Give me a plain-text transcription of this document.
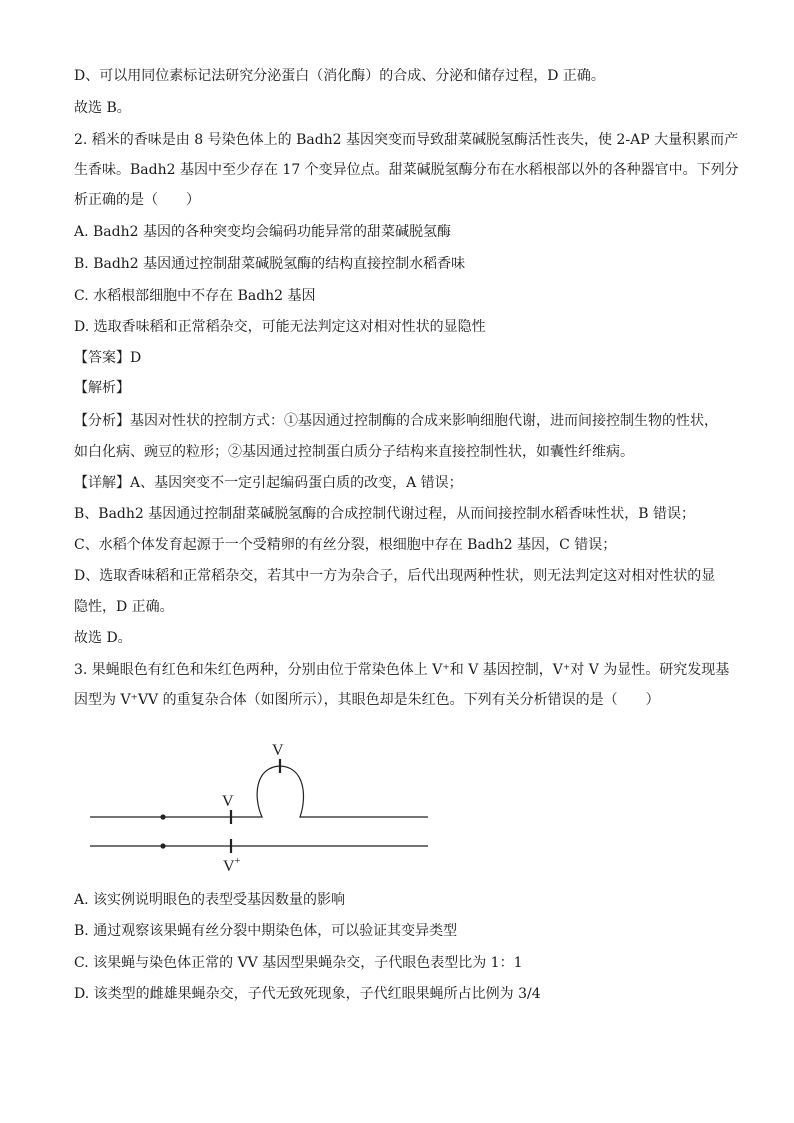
D、可以用同位素标记法研究分泌蛋白（消化酶）的合成、分泌和储存过程，D 正确。
故选 B。
2. 稻米的香味是由 8 号染色体上的 Badh2 基因突变而导致甜菜碱脱氢酶活性丧失，使 2-AP 大量积累而产
生香味。Badh2 基因中至少存在 17 个变异位点。甜菜碱脱氢酶分布在水稻根部以外的各种器官中。下列分
析正确的是（　　）
A. Badh2 基因的各种突变均会编码功能异常的甜菜碱脱氢酶
B. Badh2 基因通过控制甜菜碱脱氢酶的结构直接控制水稻香味
C. 水稻根部细胞中不存在 Badh2 基因
D. 选取香味稻和正常稻杂交，可能无法判定这对相对性状的显隐性
【答案】D
【解析】
【分析】基因对性状的控制方式：①基因通过控制酶的合成来影响细胞代谢，进而间接控制生物的性状，
如白化病、豌豆的粒形；②基因通过控制蛋白质分子结构来直接控制性状，如囊性纤维病。
【详解】A、基因突变不一定引起编码蛋白质的改变，A 错误；
B、Badh2 基因通过控制甜菜碱脱氢酶的合成控制代谢过程，从而间接控制水稻香味性状，B 错误；
C、水稻个体发育起源于一个受精卵的有丝分裂，根细胞中存在 Badh2 基因，C 错误；
D、选取香味稻和正常稻杂交，若其中一方为杂合子，后代出现两种性状，则无法判定这对相对性状的显
隐性，D 正确。
故选 D。
3. 果蝇眼色有红色和朱红色两种，分别由位于常染色体上 V⁺和 V 基因控制，V⁺对 V 为显性。研究发现基
因型为 V⁺VV 的重复杂合体（如图所示），其眼色却是朱红色。下列有关分析错误的是（　　）
V
V
V+
A. 该实例说明眼色的表型受基因数量的影响
B. 通过观察该果蝇有丝分裂中期染色体，可以验证其变异类型
C. 该果蝇与染色体正常的 VV 基因型果蝇杂交，子代眼色表型比为 1：1
D. 该类型的雌雄果蝇杂交，子代无致死现象，子代红眼果蝇所占比例为 3/4
